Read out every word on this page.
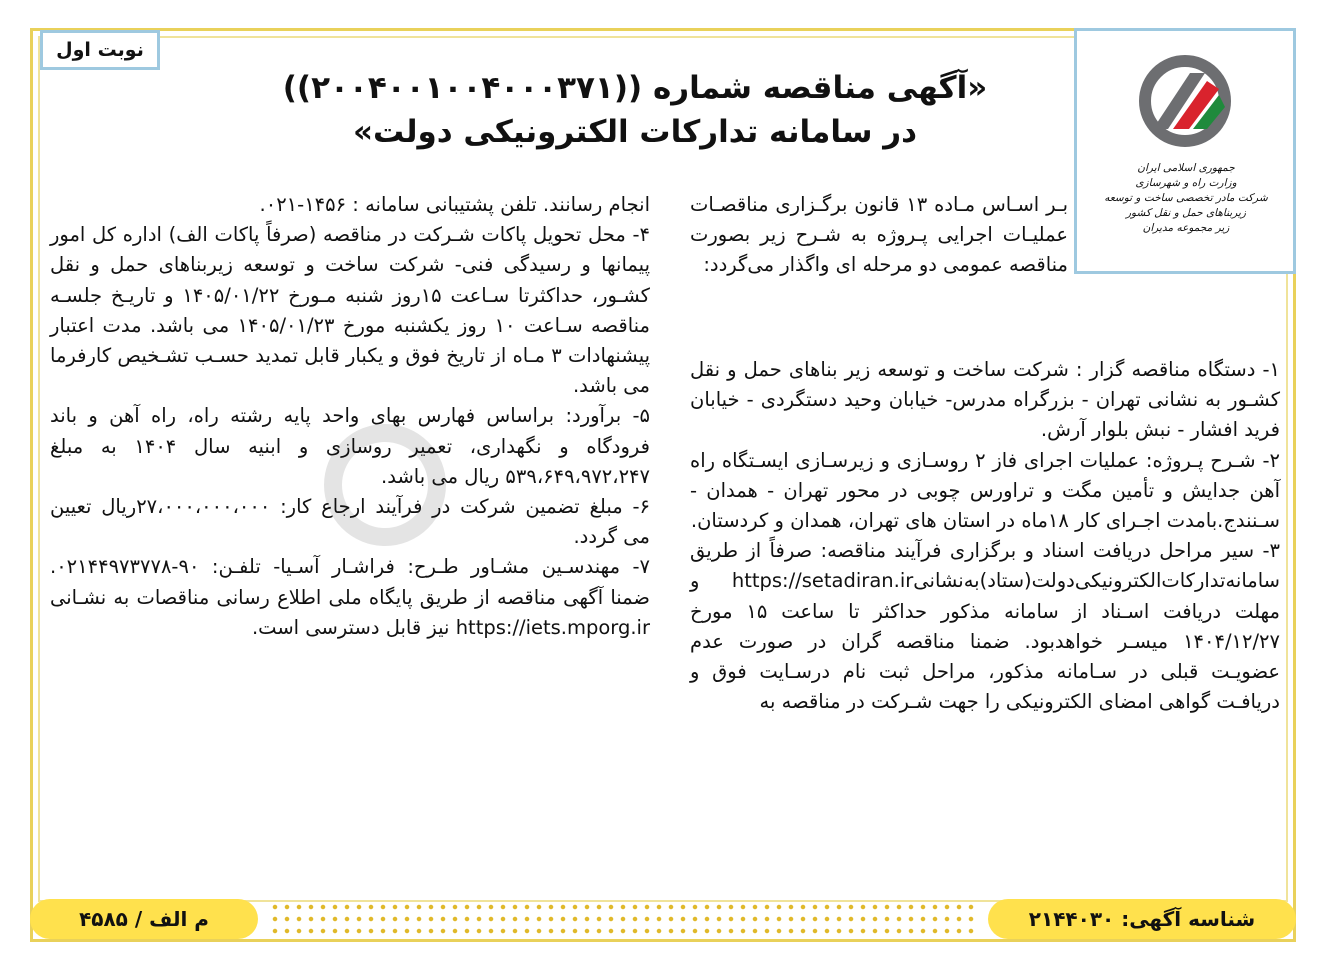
نوبت اول
جمهوری اسلامی ایران
وزارت راه و شهرسازی
شرکت مادر تخصصی ساخت و توسعه زیربناهای حمل و نقل کشور
زیر مجموعه مدیران
«آگهی مناقصه شماره ((۲۰۰۴۰۰۱۰۰۴۰۰۰۳۷۱))
در سامانه تدارکات الکترونیکی دولت»

بـر اسـاس مـاده ۱۳ قانون برگـزاری مناقصـات عملیـات اجرایی پـروژه به شـرح زیر بصورت مناقصه عمومی دو مرحله ای واگذار می‌گردد:

۱- دستگاه مناقصه گزار : شرکت ساخت و توسعه زیر بناهای حمل و نقل کشـور به نشانی تهران - بزرگراه مدرس- خیابان وحید دستگردی - خیابان فرید افشار - نبش بلوار آرش.

۲- شـرح پـروژه: عملیات اجرای فاز ۲ روسـازی و زیرسـازی ایسـتگاه راه آهن جدایش و تأمین مگت و تراورس چوبی در محور تهران - همدان - سـنندج.بامدت اجـرای کار ۱۸ماه در استان های تهران، همدان و کردستان.

۳- سیر مراحل دریافت اسناد و برگزاری فرآیند مناقصه: صرفاً از طریق سامانه‌تدارکات‌الکترونیکی‌دولت(ستاد)به‌نشانیhttps://setadiran.ir و مهلت دریافت اسـناد از سامانه مذکور حداکثر تا ساعت ۱۵ مورخ ۱۴۰۴/۱۲/۲۷ میسـر خواهدبود. ضمنا مناقصه گران در صورت عدم عضویـت قبلی در سـامانه مذکور، مراحل ثبت نام درسـایت فوق و دریافـت گواهی امضای الکترونیکی را جهت شـرکت در مناقصه به

انجام رسانند. تلفن پشتیبانی سامانه : ۱۴۵۶-۰۲۱.

۴- محل تحویل پاکات شـرکت در مناقصه (صرفاً پاکات الف) اداره کل امور پیمانها و رسیدگی فنی- شرکت ساخت و توسعه زیربناهای حمل و نقل کشـور، حداکثرتا سـاعت ۱۵روز شنبه مـورخ ۱۴۰۵/۰۱/۲۲ و تاریـخ جلسـه مناقصه سـاعت ۱۰ روز یکشنبه مورخ ۱۴۰۵/۰۱/۲۳ می باشد. مدت اعتبار پیشنهادات ۳ مـاه از تاریخ فوق و یکبار قابل تمدید حسـب تشـخیص کارفرما می باشد.

۵- برآورد: براساس فهارس بهای واحد پایه رشته راه، راه آهن و باند فرودگاه و نگهداری، تعمیر روسازی و ابنیه سال ۱۴۰۴ به مبلغ ۵۳۹،۶۴۹،۹۷۲،۲۴۷ ریال می باشد.

۶- مبلغ تضمین شرکت در فرآیند ارجاع کار: ۲۷،۰۰۰،۰۰۰،۰۰۰ریال تعیین می گردد.

۷- مهندسـین مشـاور طـرح: فراشـار آسـیا- تلفـن: ۹۰-۰۲۱۴۴۹۷۳۷۷۸. ضمنا آگهی مناقصه از طریق پایگاه ملی اطلاع رسانی مناقصات به نشـانی https://iets.mporg.ir نیز قابل دسترسی است.

م الف / ۴۵۸۵	شناسه آگهی: ۲۱۴۴۰۳۰
